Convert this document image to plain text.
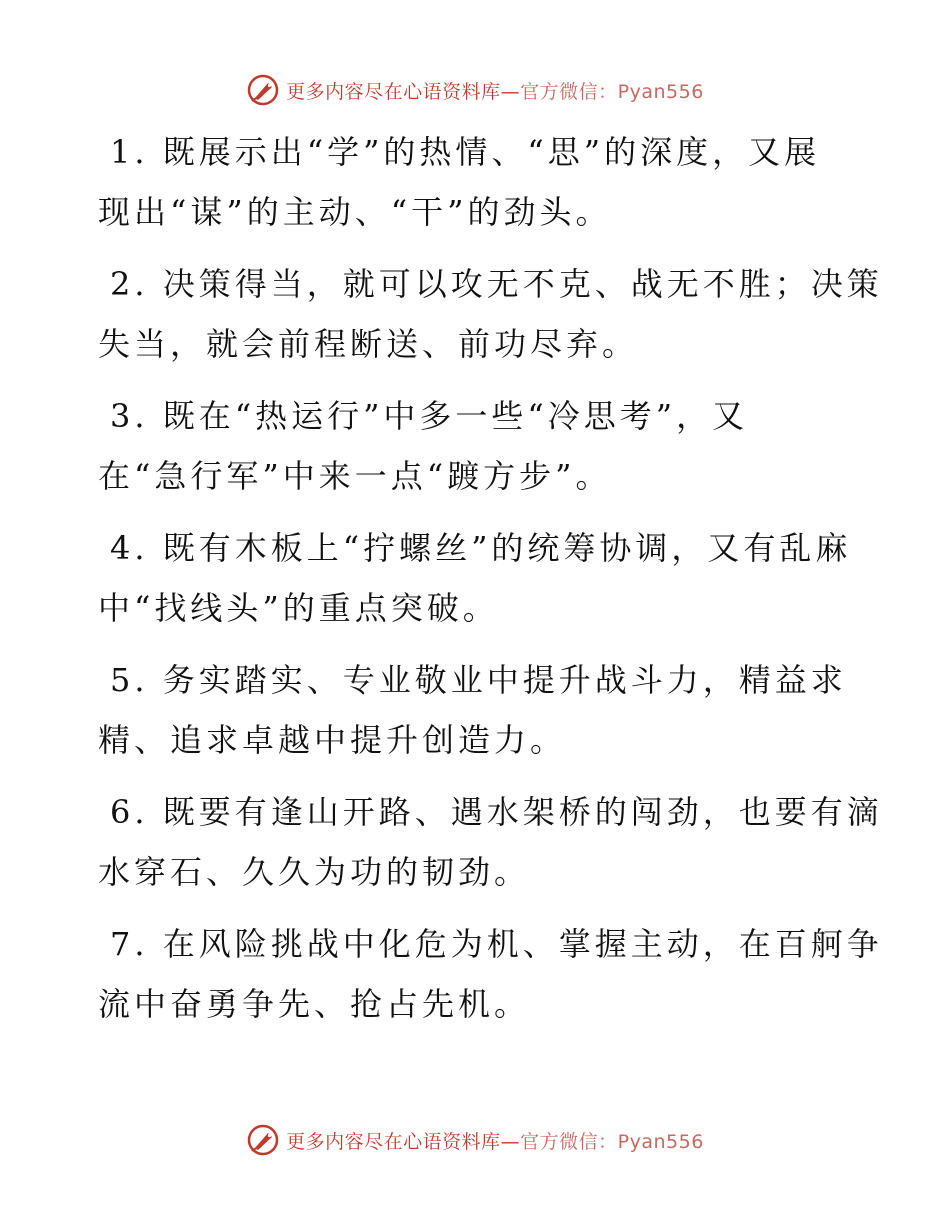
更多内容尽在心语资料库—官方微信：Pyan556
1. 既展示出“学”的热情、“思”的深度，又展
现出“谋”的主动、“干”的劲头。
2. 决策得当，就可以攻无不克、战无不胜；决策
失当，就会前程断送、前功尽弃。
3. 既在“热运行”中多一些“冷思考”，又
在“急行军”中来一点“踱方步”。
4. 既有木板上“拧螺丝”的统筹协调，又有乱麻
中“找线头”的重点突破。
5. 务实踏实、专业敬业中提升战斗力，精益求
精、追求卓越中提升创造力。
6. 既要有逢山开路、遇水架桥的闯劲，也要有滴
水穿石、久久为功的韧劲。
7. 在风险挑战中化危为机、掌握主动，在百舸争
流中奋勇争先、抢占先机。
更多内容尽在心语资料库—官方微信：Pyan556
